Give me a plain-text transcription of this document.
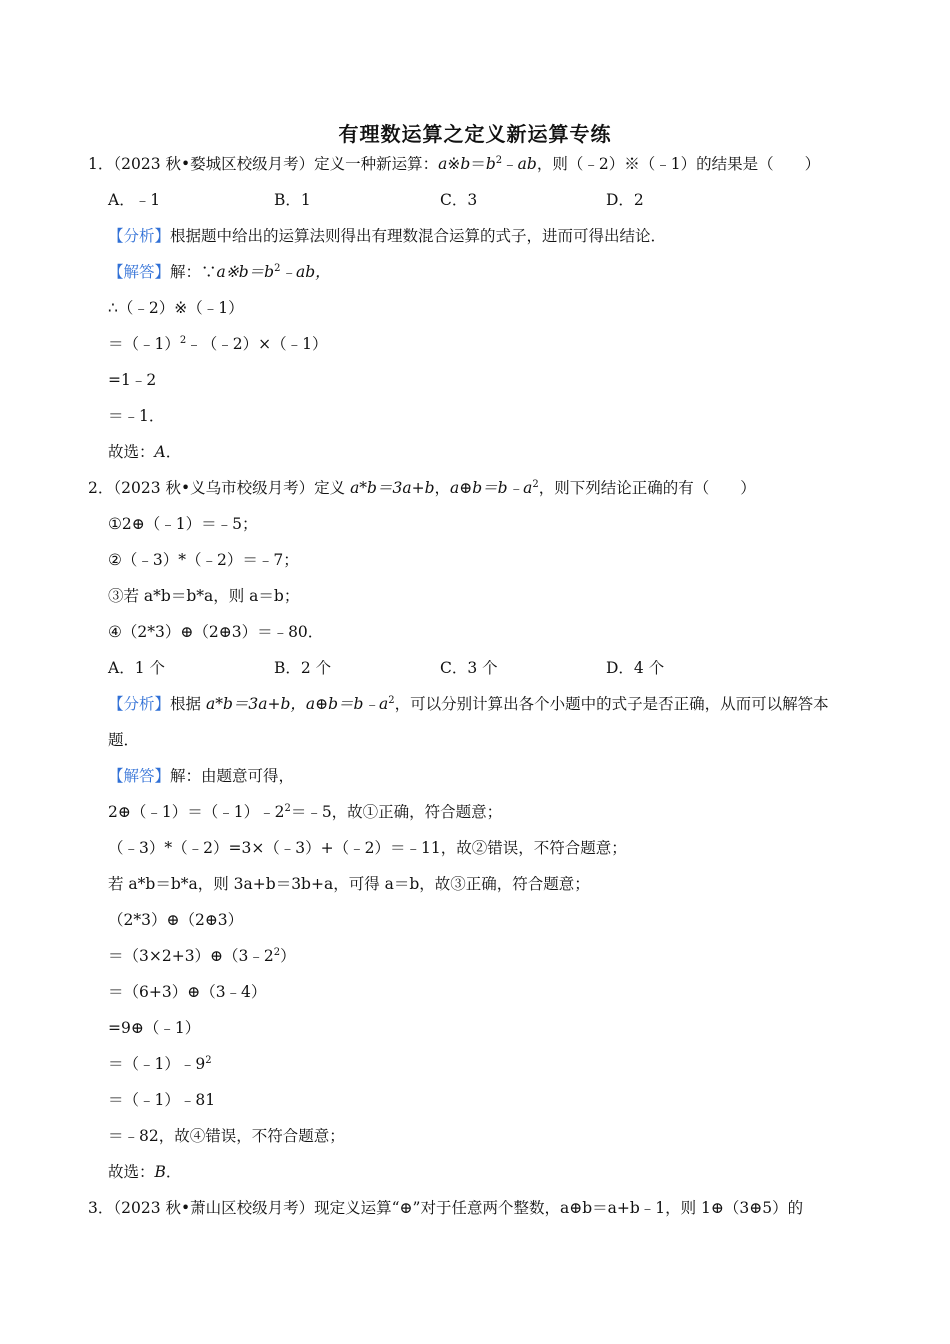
有理数运算之定义新运算专练
1．（2023 秋•婺城区校级月考）定义一种新运算：$a※b=b^2﹣ab$，则（﹣2）※（﹣1）的结果是（　　）
A．﹣1	B．1	C．3	D．2
【分析】根据题中给出的运算法则得出有理数混合运算的式子，进而可得出结论．
【解答】解：$\because a※b=b^2﹣ab$，
∴（﹣2）※（﹣1）
＝（﹣1）$^2$﹣（﹣2）×（﹣1）
=1﹣2
＝﹣1．
故选：A．
2．（2023 秋•义乌市校级月考）定义 a*b＝3a+b，$a\oplus b=b﹣a^2$，则下列结论正确的有（　　）
①2⊕（﹣1）＝﹣5；
②（﹣3）*（﹣2）＝﹣7；
③若 a*b＝b*a，则 a＝b；
④（2*3）⊕（2⊕3）＝﹣80．
A．1 个	B．2 个	C．3 个	D．4 个
【分析】根据 a*b＝3a+b，$a\oplus b=b﹣a^2$，可以分别计算出各个小题中的式子是否正确，从而可以解答本
题．
【解答】解：由题意可得，
$2\oplus(﹣1)=(﹣1)﹣2^2=﹣5$，故①正确，符合题意；
（﹣3）*（﹣2）=3×（﹣3）+（﹣2）＝﹣11，故②错误，不符合题意；
若 a*b＝b*a，则 3a+b＝3b+a，可得 a＝b，故③正确，符合题意；
（2*3）⊕（2⊕3）
$=(3\times 2+3)\oplus(3﹣2^2)$
＝（6+3）⊕（3﹣4）
=9⊕（﹣1）
$=(﹣1)﹣9^2$
＝（﹣1）﹣81
＝﹣82，故④错误，不符合题意；
故选：B．
3．（2023 秋•萧山区校级月考）现定义运算“⊕”对于任意两个整数，a⊕b＝a+b﹣1，则 1⊕（3⊕5）的
